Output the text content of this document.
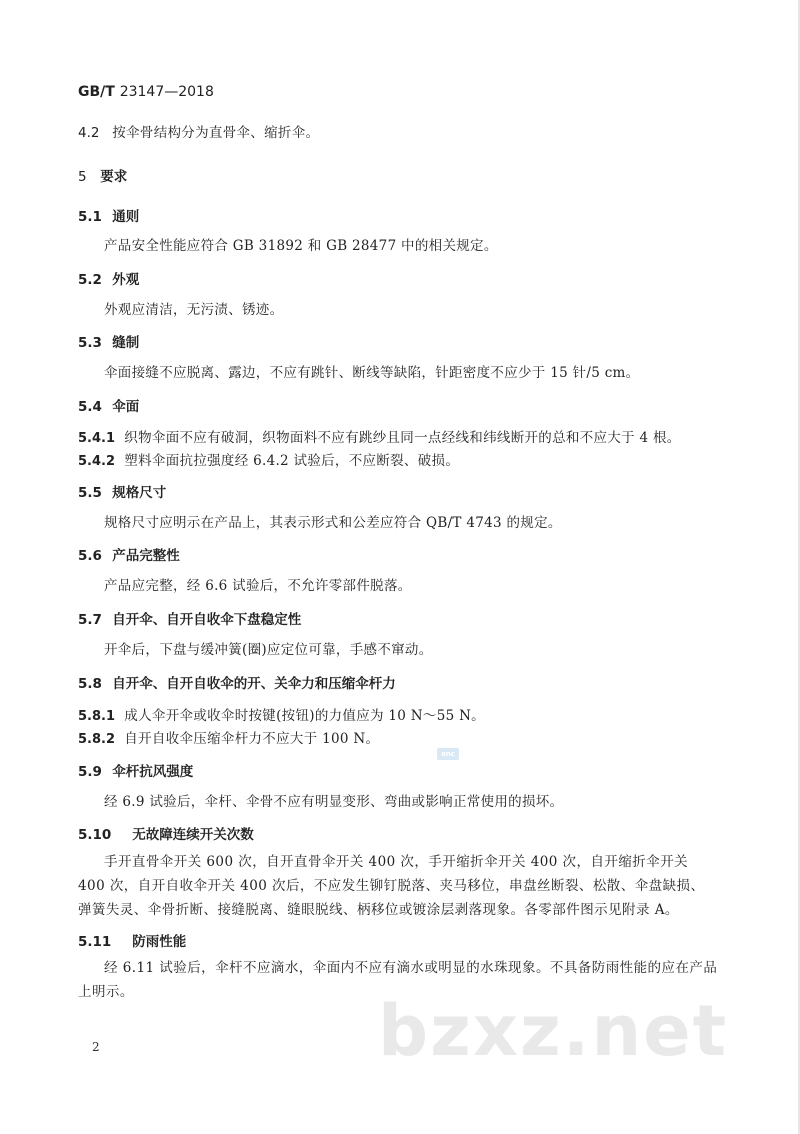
GB/T 23147—2018
4.2 按伞骨结构分为直骨伞、缩折伞。
5 要求
5.1 通则
产品安全性能应符合 GB 31892 和 GB 28477 中的相关规定。
5.2 外观
外观应清洁，无污渍、锈迹。
5.3 缝制
伞面接缝不应脱离、露边，不应有跳针、断线等缺陷，针距密度不应少于 15 针/5 cm。
5.4 伞面
5.4.1 织物伞面不应有破洞，织物面料不应有跳纱且同一点经线和纬线断开的总和不应大于 4 根。
5.4.2 塑料伞面抗拉强度经 6.4.2 试验后，不应断裂、破损。
5.5 规格尺寸
规格尺寸应明示在产品上，其表示形式和公差应符合 QB/T 4743 的规定。
5.6 产品完整性
产品应完整，经 6.6 试验后，不允许零部件脱落。
5.7 自开伞、自开自收伞下盘稳定性
开伞后，下盘与缓冲簧(圈)应定位可靠，手感不窜动。
5.8 自开伞、自开自收伞的开、关伞力和压缩伞杆力
5.8.1 成人伞开伞或收伞时按键(按钮)的力值应为 10 N～55 N。
5.8.2 自开自收伞压缩伞杆力不应大于 100 N。
anc
5.9 伞杆抗风强度
经 6.9 试验后，伞杆、伞骨不应有明显变形、弯曲或影响正常使用的损坏。
5.10 无故障连续开关次数
手开直骨伞开关 600 次，自开直骨伞开关 400 次，手开缩折伞开关 400 次，自开缩折伞开关 400 次，自开自收伞开关 400 次后，不应发生铆钉脱落、夹马移位，串盘丝断裂、松散、伞盘缺损、弹簧失灵、伞骨折断、接缝脱离、缝眼脱线、柄移位或镀涂层剥落现象。各零部件图示见附录 A。
5.11 防雨性能
经 6.11 试验后，伞杆不应滴水，伞面内不应有滴水或明显的水珠现象。不具备防雨性能的应在产品上明示。	bzxz.net
2
